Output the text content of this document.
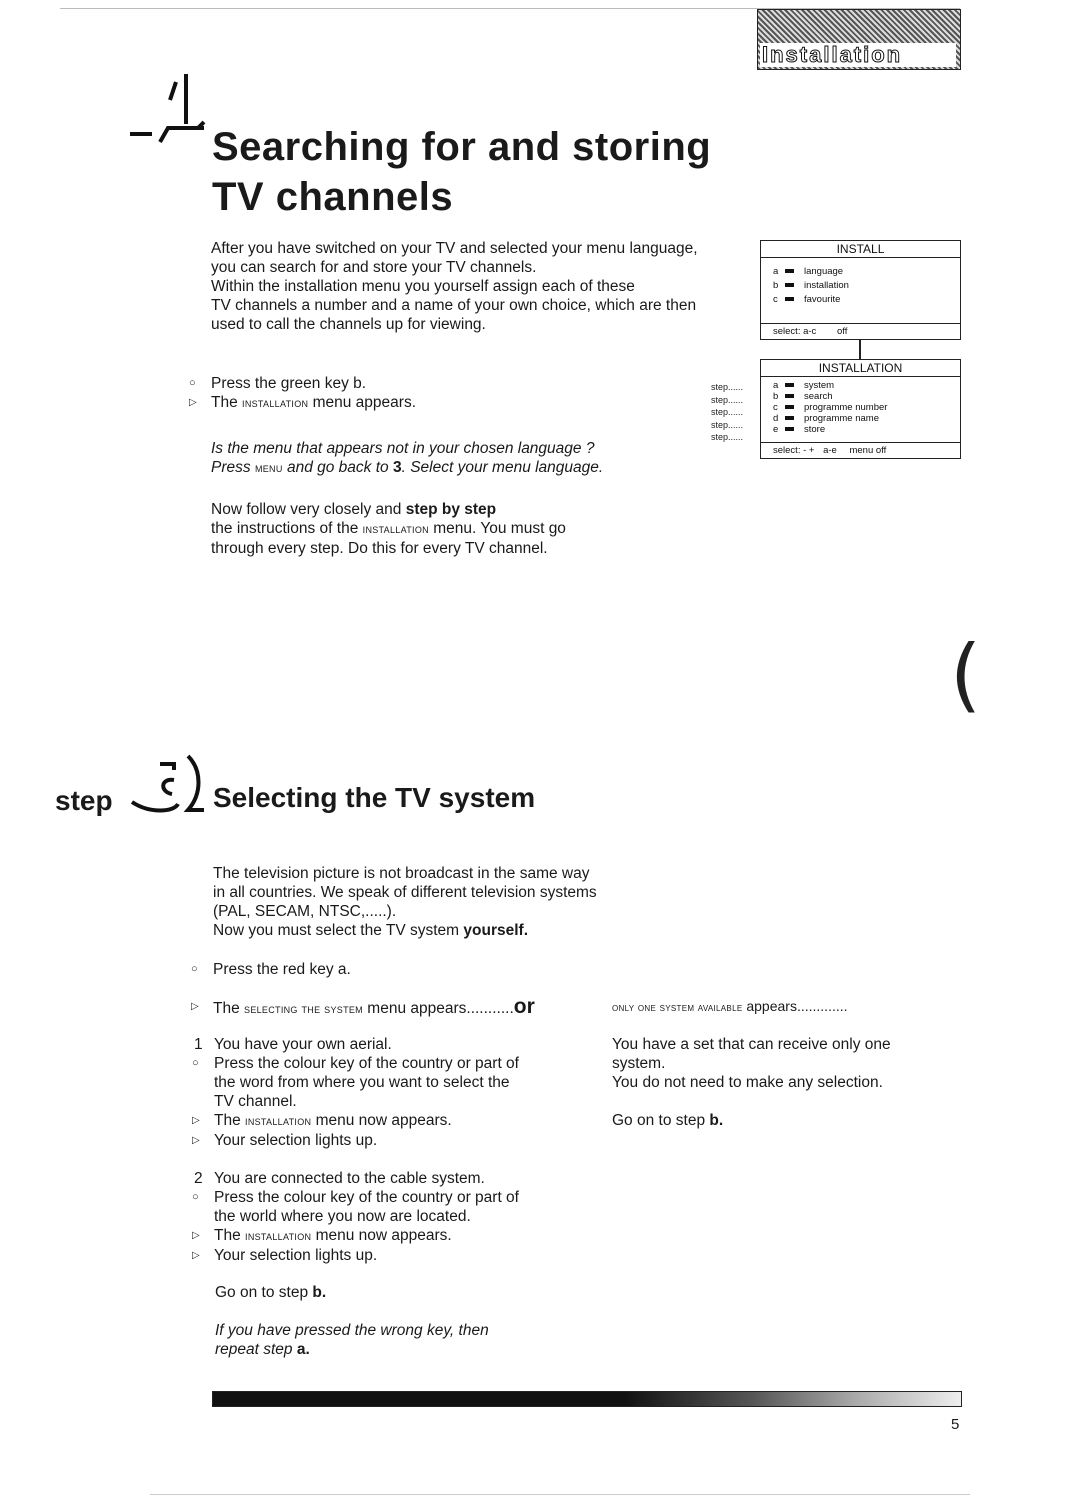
Installation
Searching for and storing
TV channels
After you have switched on your TV and selected your menu language,
you can search for and store your TV channels.
Within the installation menu you yourself assign each of these
TV channels a number and a name of your own choice, which are then
used to call the channels up for viewing.
○ Press the green key b.
▷ The installation menu appears.
Is the menu that appears not in your chosen language ?
Press menu and go back to 3. Select your menu language.
Now follow very closely and step by step
the instructions of the installation menu. You must go
through every step. Do this for every TV channel.
INSTALL
a	language
b	installation
c	favourite
select: a-c off
INSTALLATION
a	system
b	search
c	programme number
d	programme name
e	store
select: - + a-e menu off
step......
step......
step......
step......
step......
(
step	Selecting the TV system
The television picture is not broadcast in the same way
in all countries. We speak of different television systems
(PAL, SECAM, NTSC,.....).
Now you must select the TV system yourself.
○ Press the red key a.
▷ The selecting the system menu appears...........or	only one system available appears.............
1 You have your own aerial.
○ Press the colour key of the country or part of
the word from where you want to select the
TV channel.
▷ The installation menu now appears.
▷ Your selection lights up.
2 You are connected to the cable system.
○ Press the colour key of the country or part of
the world where you now are located.
▷ The installation menu now appears.
▷ Your selection lights up.
Go on to step b.
If you have pressed the wrong key, then
repeat step a.
You have a set that can receive only one
system.
You do not need to make any selection.
Go on to step b.
5
